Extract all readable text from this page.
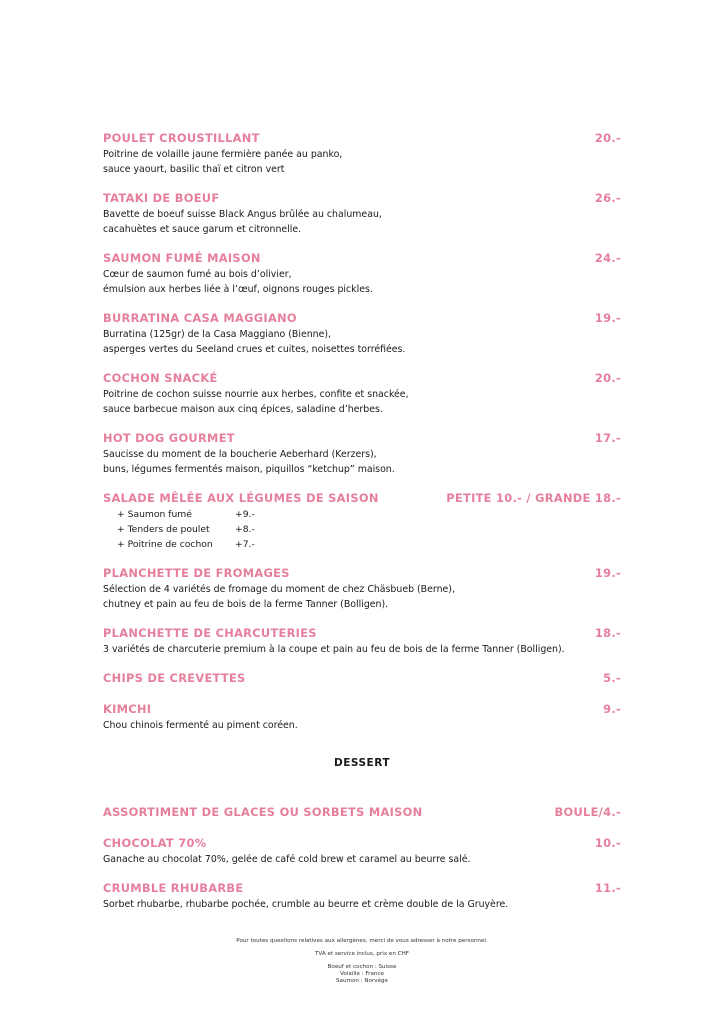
POULET CROUSTILLANT	20.-
Poitrine de volaille jaune fermière panée au panko,
sauce yaourt, basilic thaï et citron vert
TATAKI DE BOEUF	26.-
Bavette de boeuf suisse Black Angus brûlée au chalumeau,
cacahuètes et sauce garum et citronnelle.
SAUMON FUMÉ MAISON	24.-
Cœur de saumon fumé au bois d’olivier,
émulsion aux herbes liée à l’œuf, oignons rouges pickles.
BURRATINA CASA MAGGIANO	19.-
Burratina (125gr) de la Casa Maggiano (Bienne),
asperges vertes du Seeland crues et cuites, noisettes torréfiées.
COCHON SNACKÉ	20.-
Poitrine de cochon suisse nourrie aux herbes, confite et snackée,
sauce barbecue maison aux cinq épices, saladine d’herbes.
HOT DOG GOURMET	17.-
Saucisse du moment de la boucherie Aeberhard (Kerzers),
buns, légumes fermentés maison, piquillos “ketchup” maison.
SALADE MÊLÉE AUX LÉGUMES DE SAISON	PETITE 10.- / GRANDE 18.-
+ Saumon fumé	+9.-
+ Tenders de poulet	+8.-
+ Poitrine de cochon	+7.-
PLANCHETTE DE FROMAGES	19.-
Sélection de 4 variétés de fromage du moment de chez Chäsbueb (Berne),
chutney et pain au feu de bois de la ferme Tanner (Bolligen).
PLANCHETTE DE CHARCUTERIES	18.-
3 variétés de charcuterie premium à la coupe et pain au feu de bois de la ferme Tanner (Bolligen).
CHIPS DE CREVETTES	5.-
KIMCHI	9.-
Chou chinois fermenté au piment coréen.
DESSERT
ASSORTIMENT DE GLACES OU SORBETS MAISON	BOULE/4.-
CHOCOLAT 70%	10.-
Ganache au chocolat 70%, gelée de café cold brew et caramel au beurre salé.
CRUMBLE RHUBARBE	11.-
Sorbet rhubarbe, rhubarbe pochée, crumble au beurre et crème double de la Gruyère.
Pour toutes questions relatives aux allergènes, merci de vous adresser à notre personnel.
TVA et service inclus, prix en CHF
Boeuf et cochon : Suisse
Volaille : France
Saumon : Norvège
